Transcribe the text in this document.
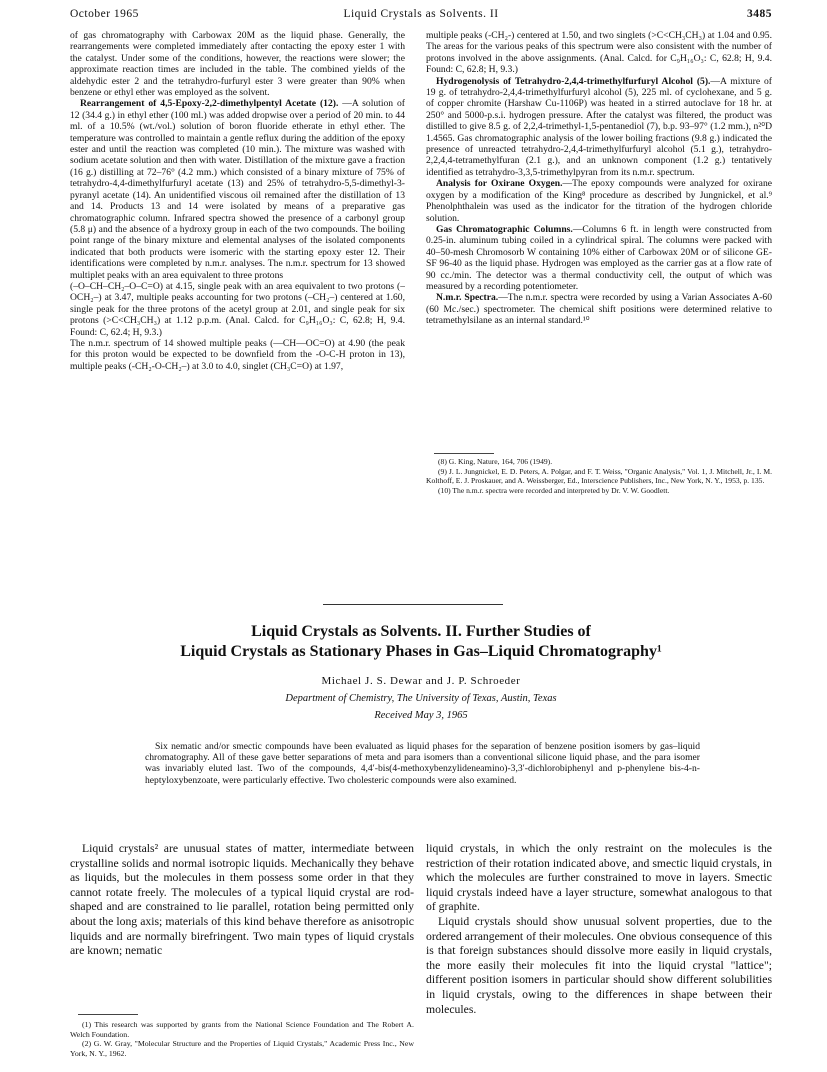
October 1965	Liquid Crystals as Solvents. II	3485

of gas chromatography with Carbowax 20M as the liquid phase. Generally, the rearrangements were completed immediately after contacting the epoxy ester 1 with the catalyst. Under some of the conditions, however, the reactions were slower; the approximate reaction times are included in the table. The combined yields of the aldehydic ester 2 and the tetrahydro-furfuryl ester 3 were greater than 90% when benzene or ethyl ether was employed as the solvent.

Rearrangement of 4,5-Epoxy-2,2-dimethylpentyl Acetate (12). —A solution of 12 (34.4 g.) in ethyl ether (100 ml.) was added dropwise over a period of 20 min. to 44 ml. of a 10.5% (wt./vol.) solution of boron fluoride etherate in ethyl ether. The temperature was controlled to maintain a gentle reflux during the addition of the epoxy ester and until the reaction was completed (10 min.). The mixture was washed with sodium acetate solution and then with water. Distillation of the mixture gave a fraction (16 g.) distilling at 72–76° (4.2 mm.) which consisted of a binary mixture of 75% of tetrahydro-4,4-dimethylfurfuryl acetate (13) and 25% of tetrahydro-5,5-dimethyl-3-pyranyl acetate (14). An unidentified viscous oil remained after the distillation of 13 and 14. Products 13 and 14 were isolated by means of a preparative gas chromatographic column. Infrared spectra showed the presence of a carbonyl group (5.8 μ) and the absence of a hydroxy group in each of the two compounds. The boiling point range of the binary mixture and elemental analyses of the isolated components indicated that both products were isomeric with the starting epoxy ester 12. Their identifications were completed by n.m.r. analyses. The n.m.r. spectrum for 13 showed multiplet peaks with an area equivalent to three protons

(–O–CH–CH₂–O–C=O) at 4.15, single peak with an area equivalent to two protons (–OCH₂–) at 3.47, multiple peaks accounting for two protons (–CH₂–) centered at 1.60, single peak for the three protons of the acetyl group at 2.01, and single peak for six protons (>C<CH₃CH₃) at 1.12 p.p.m. (Anal. Calcd. for C₉H₁₆O₃: C, 62.8; H, 9.4. Found: C, 62.4; H, 9.3.)

The n.m.r. spectrum of 14 showed multiple peaks (—CH—OC=O) at 4.90 (the peak for this proton would be expected to be downfield from the -O-C-H proton in 13), multiple peaks (-CH₂-O-CH₂–) at 3.0 to 4.0, singlet (CH₃C=O) at 1.97,

multiple peaks (-CH₂-) centered at 1.50, and two singlets (>C<CH₃CH₃) at 1.04 and 0.95. The areas for the various peaks of this spectrum were also consistent with the number of protons involved in the above assignments. (Anal. Calcd. for C₉H₁₆O₃: C, 62.8; H, 9.4. Found: C, 62.8; H, 9.3.)

Hydrogenolysis of Tetrahydro-2,4,4-trimethylfurfuryl Alcohol (5).—A mixture of 19 g. of tetrahydro-2,4,4-trimethylfurfuryl alcohol (5), 225 ml. of cyclohexane, and 5 g. of copper chromite (Harshaw Cu-1106P) was heated in a stirred autoclave for 18 hr. at 250° and 5000-p.s.i. hydrogen pressure. After the catalyst was filtered, the product was distilled to give 8.5 g. of 2,2,4-trimethyl-1,5-pentanediol (7), b.p. 93–97° (1.2 mm.), n²⁰D 1.4565. Gas chromatographic analysis of the lower boiling fractions (9.8 g.) indicated the presence of unreacted tetrahydro-2,4,4-trimethylfurfuryl alcohol (5.1 g.), tetrahydro-2,2,4,4-tetramethylfuran (2.1 g.), and an unknown component (1.2 g.) tentatively identified as tetrahydro-3,3,5-trimethylpyran from its n.m.r. spectrum.

Analysis for Oxirane Oxygen.—The epoxy compounds were analyzed for oxirane oxygen by a modification of the King⁸ procedure as described by Jungnickel, et al.⁹ Phenolphthalein was used as the indicator for the titration of the hydrogen chloride solution.

Gas Chromatographic Columns.—Columns 6 ft. in length were constructed from 0.25-in. aluminum tubing coiled in a cylindrical spiral. The columns were packed with 40–50-mesh Chromosorb W containing 10% either of Carbowax 20M or of silicone GE-SF 96-40 as the liquid phase. Hydrogen was employed as the carrier gas at a flow rate of 90 cc./min. The detector was a thermal conductivity cell, the output of which was measured by a recording potentiometer.

N.m.r. Spectra.—The n.m.r. spectra were recorded by using a Varian Associates A-60 (60 Mc./sec.) spectrometer. The chemical shift positions were determined relative to tetramethylsilane as an internal standard.¹⁰

(8) G. King, Nature, 164, 706 (1949).
(9) J. L. Jungnickel, E. D. Peters, A. Polgar, and F. T. Weiss, "Organic Analysis," Vol. 1, J. Mitchell, Jr., I. M. Kolthoff, E. J. Proskauer, and A. Weissberger, Ed., Interscience Publishers, Inc., New York, N. Y., 1953, p. 135.
(10) The n.m.r. spectra were recorded and interpreted by Dr. V. W. Goodlett.
Liquid Crystals as Solvents. II. Further Studies of
Liquid Crystals as Stationary Phases in Gas–Liquid Chromatography¹
Michael J. S. Dewar and J. P. Schroeder
Department of Chemistry, The University of Texas, Austin, Texas
Received May 3, 1965
Six nematic and/or smectic compounds have been evaluated as liquid phases for the separation of benzene position isomers by gas–liquid chromatography. All of these gave better separations of meta and para isomers than a conventional silicone liquid phase, and the para isomer was invariably eluted last. Two of the compounds, 4,4′-bis(4-methoxybenzylideneamino)-3,3′-dichlorobiphenyl and p-phenylene bis-4-n-heptyloxybenzoate, were particularly effective. Two cholesteric compounds were also examined.

Liquid crystals² are unusual states of matter, intermediate between crystalline solids and normal isotropic liquids. Mechanically they behave as liquids, but the molecules in them possess some order in that they cannot rotate freely. The molecules of a typical liquid crystal are rod-shaped and are constrained to lie parallel, rotation being permitted only about the long axis; materials of this kind behave therefore as anisotropic liquids and are normally birefringent. Two main types of liquid crystals are known; nematic

liquid crystals, in which the only restraint on the molecules is the restriction of their rotation indicated above, and smectic liquid crystals, in which the molecules are further constrained to move in layers. Smectic liquid crystals indeed have a layer structure, somewhat analogous to that of graphite.

Liquid crystals should show unusual solvent properties, due to the ordered arrangement of their molecules. One obvious consequence of this is that foreign substances should dissolve more easily in liquid crystals, the more easily their molecules fit into the liquid crystal "lattice"; different position isomers in particular should show different solubilities in liquid crystals, owing to the differences in shape between their molecules.

(1) This research was supported by grants from the National Science Foundation and The Robert A. Welch Foundation.
(2) G. W. Gray, "Molecular Structure and the Properties of Liquid Crystals," Academic Press Inc., New York, N. Y., 1962.
